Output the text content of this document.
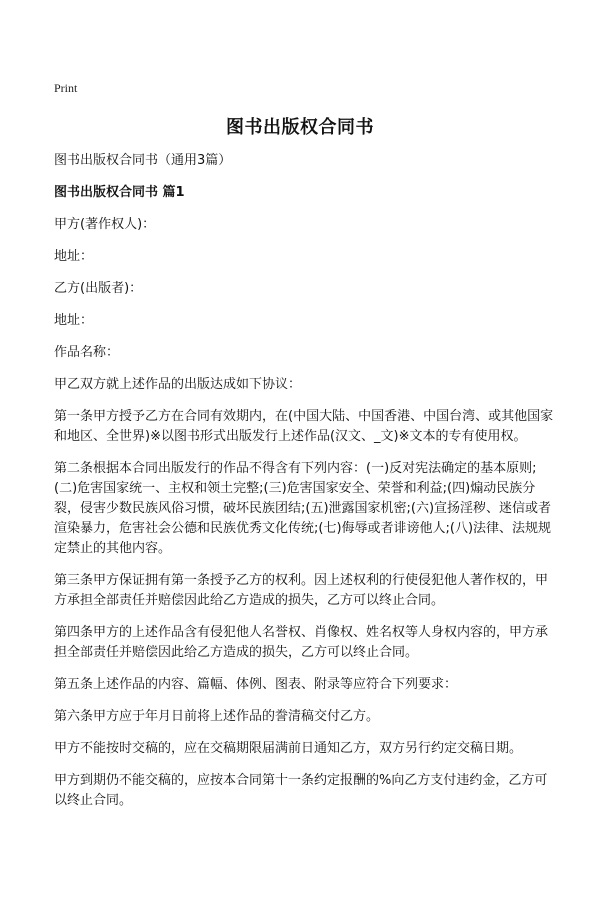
Print
图书出版权合同书

图书出版权合同书（通用3篇）

图书出版权合同书 篇1

甲方(著作权人)：

地址：

乙方(出版者)：

地址：

作品名称：

甲乙双方就上述作品的出版达成如下协议：

第一条甲方授予乙方在合同有效期内，在(中国大陆、中国香港、中国台湾、或其他国家和地区、全世界)※以图书形式出版发行上述作品(汉文、_文)※文本的专有使用权。

第二条根据本合同出版发行的作品不得含有下列内容：(一)反对宪法确定的基本原则;(二)危害国家统一、主权和领土完整;(三)危害国家安全、荣誉和利益;(四)煽动民族分裂，侵害少数民族风俗习惯，破坏民族团结;(五)泄露国家机密;(六)宣扬淫秽、迷信或者渲染暴力，危害社会公德和民族优秀文化传统;(七)侮辱或者诽谤他人;(八)法律、法规规定禁止的其他内容。

第三条甲方保证拥有第一条授予乙方的权利。因上述权利的行使侵犯他人著作权的，甲方承担全部责任并赔偿因此给乙方造成的损失，乙方可以终止合同。

第四条甲方的上述作品含有侵犯他人名誉权、肖像权、姓名权等人身权内容的，甲方承担全部责任并赔偿因此给乙方造成的损失，乙方可以终止合同。

第五条上述作品的内容、篇幅、体例、图表、附录等应符合下列要求：

第六条甲方应于年月日前将上述作品的誊清稿交付乙方。

甲方不能按时交稿的，应在交稿期限届满前日通知乙方，双方另行约定交稿日期。

甲方到期仍不能交稿的，应按本合同第十一条约定报酬的%向乙方支付违约金，乙方可以终止合同。
